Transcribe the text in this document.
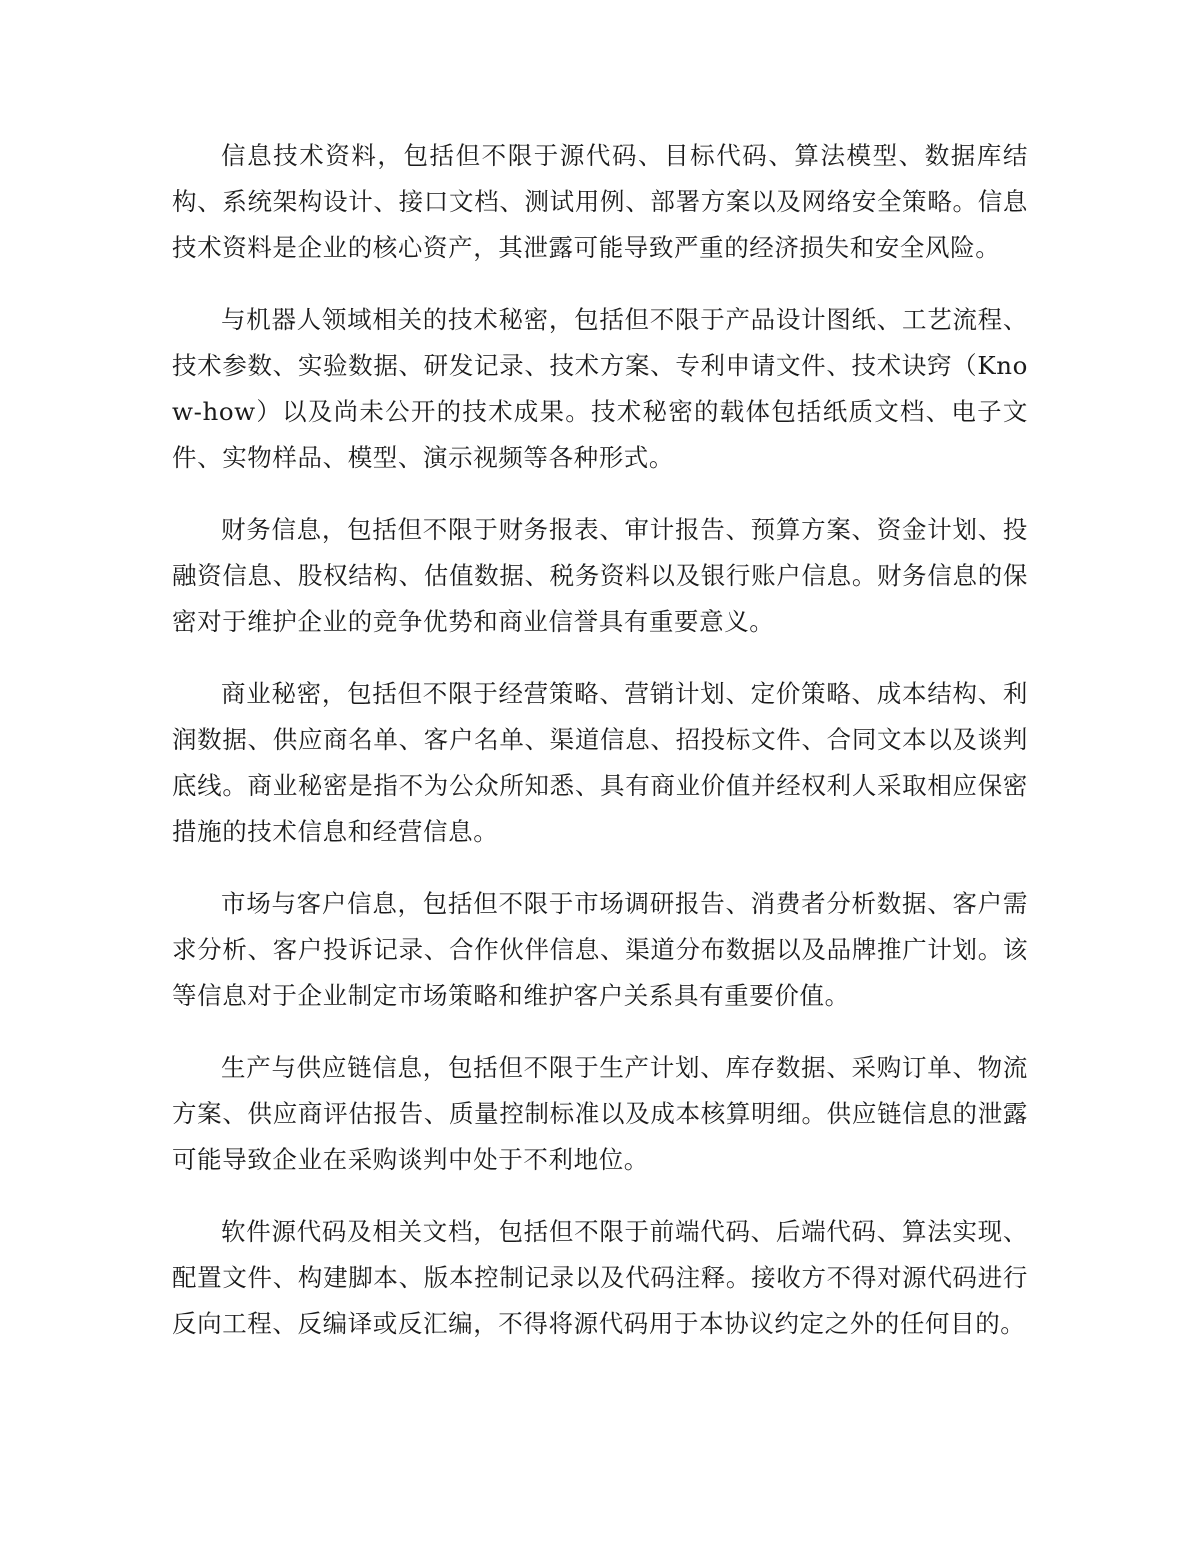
信息技术资料，包括但不限于源代码、目标代码、算法模型、数据库结构、系统架构设计、接口文档、测试用例、部署方案以及网络安全策略。信息技术资料是企业的核心资产，其泄露可能导致严重的经济损失和安全风险。

与机器人领域相关的技术秘密，包括但不限于产品设计图纸、工艺流程、技术参数、实验数据、研发记录、技术方案、专利申请文件、技术诀窍（Know-how）以及尚未公开的技术成果。技术秘密的载体包括纸质文档、电子文件、实物样品、模型、演示视频等各种形式。

财务信息，包括但不限于财务报表、审计报告、预算方案、资金计划、投融资信息、股权结构、估值数据、税务资料以及银行账户信息。财务信息的保密对于维护企业的竞争优势和商业信誉具有重要意义。

商业秘密，包括但不限于经营策略、营销计划、定价策略、成本结构、利润数据、供应商名单、客户名单、渠道信息、招投标文件、合同文本以及谈判底线。商业秘密是指不为公众所知悉、具有商业价值并经权利人采取相应保密措施的技术信息和经营信息。

市场与客户信息，包括但不限于市场调研报告、消费者分析数据、客户需求分析、客户投诉记录、合作伙伴信息、渠道分布数据以及品牌推广计划。该等信息对于企业制定市场策略和维护客户关系具有重要价值。

生产与供应链信息，包括但不限于生产计划、库存数据、采购订单、物流方案、供应商评估报告、质量控制标准以及成本核算明细。供应链信息的泄露可能导致企业在采购谈判中处于不利地位。

软件源代码及相关文档，包括但不限于前端代码、后端代码、算法实现、配置文件、构建脚本、版本控制记录以及代码注释。接收方不得对源代码进行反向工程、反编译或反汇编，不得将源代码用于本协议约定之外的任何目的。
